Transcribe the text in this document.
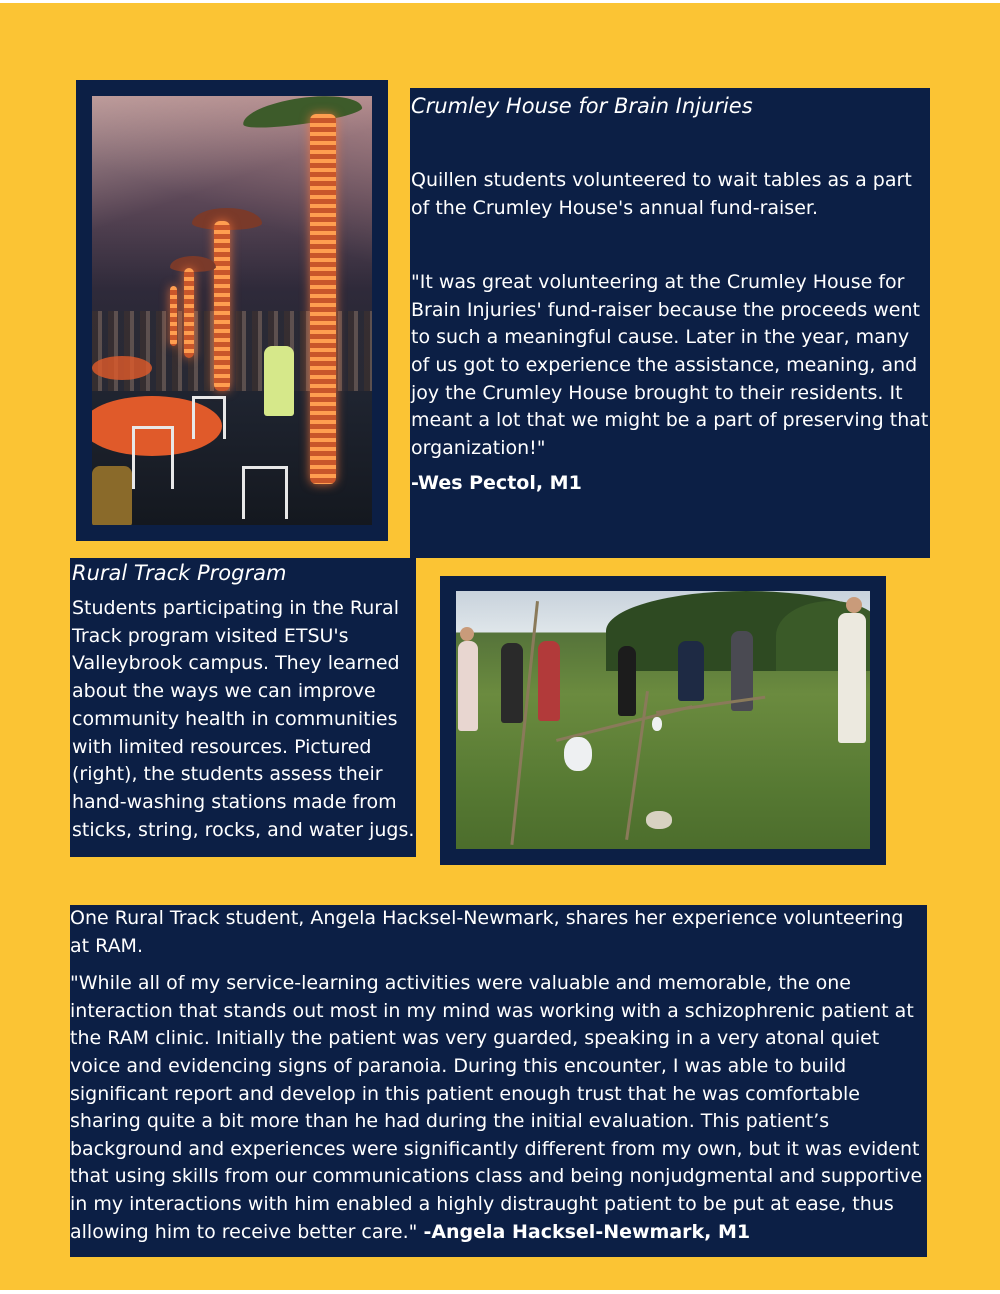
Crumley House for Brain Injuries

Quillen students volunteered to wait tables as a part of the Crumley House's annual fund-raiser.

"It was great volunteering at the Crumley House for Brain Injuries' fund-raiser because the proceeds went to such a meaningful cause. Later in the year, many of us got to experience the assistance, meaning, and joy the Crumley House brought to their residents. It meant a lot that we might be a part of preserving that organization!"

-Wes Pectol, M1

Rural Track Program

Students participating in the Rural Track program visited ETSU's Valleybrook campus. They learned about the ways we can improve community health in communities with limited resources. Pictured (right), the students assess their hand-washing stations made from sticks, string, rocks, and water jugs.

One Rural Track student, Angela Hacksel-Newmark, shares her experience volunteering at RAM.

"While all of my service-learning activities were valuable and memorable, the one interaction that stands out most in my mind was working with a schizophrenic patient at the RAM clinic. Initially the patient was very guarded, speaking in a very atonal quiet voice and evidencing signs of paranoia. During this encounter, I was able to build significant report and develop in this patient enough trust that he was comfortable sharing quite a bit more than he had during the initial evaluation. This patient’s background and experiences were significantly different from my own, but it was evident that using skills from our communications class and being nonjudgmental and supportive in my interactions with him enabled a highly distraught patient to be put at ease, thus allowing him to receive better care." -Angela Hacksel-Newmark, M1
